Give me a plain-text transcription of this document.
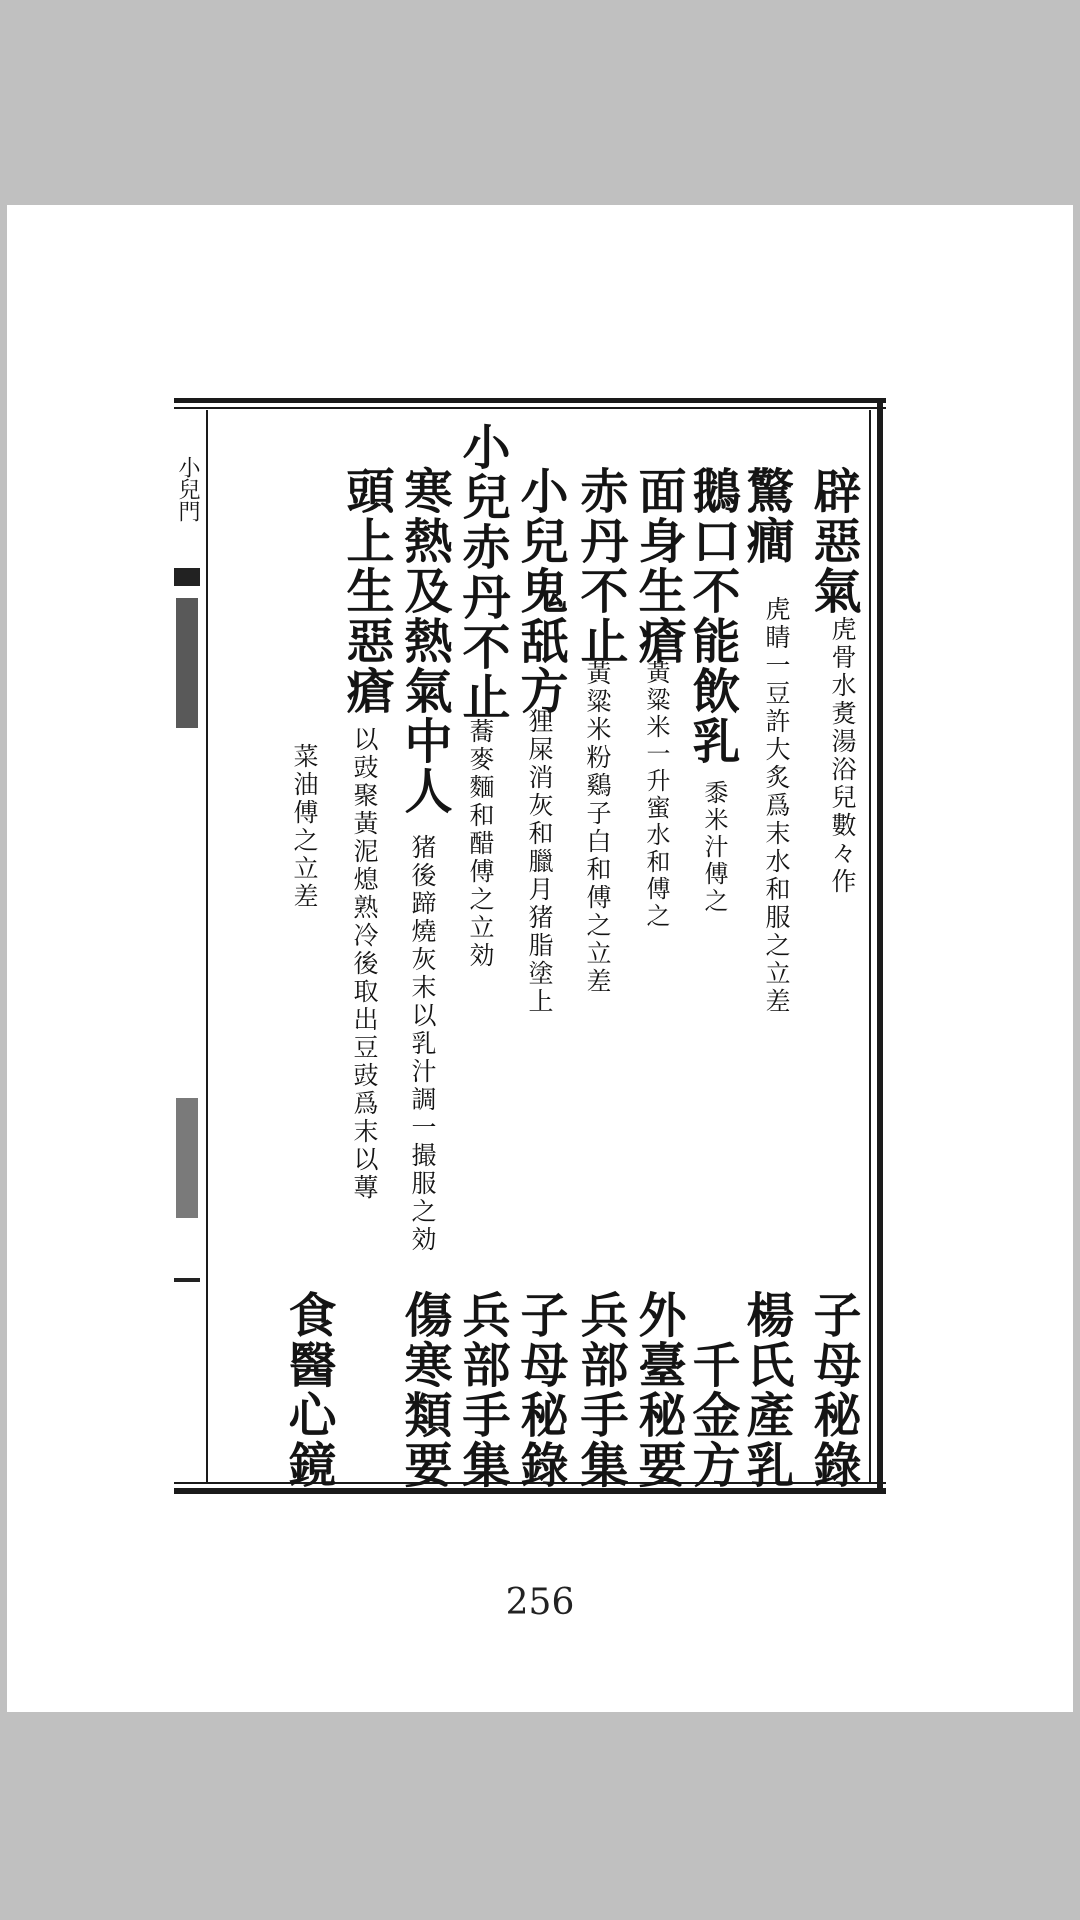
小兒門	辟惡氣
虎骨水煑湯浴兒數々作
子母秘錄
驚癎
虎睛一豆許大炙爲末水和服之立差
楊氏產乳
鵝口不能飲乳
黍米汁傅之
千金方
面身生瘡
黃粱米一升蜜水和傅之
外臺秘要
赤丹不止
黃粱米粉鷄子白和傅之立差
兵部手集
小兒鬼舐方
狸屎消灰和臘月猪脂塗上
子母秘錄
小兒赤丹不止
蕎麥麵和醋傅之立効
兵部手集
寒熱及熱氣中人
猪後蹄燒灰末以乳汁調一撮服之効
傷寒類要
頭上生惡瘡
以豉聚黃泥熄熟冷後取出豆豉爲末以蓴
食醫心鏡
菜油傅之立差
256
